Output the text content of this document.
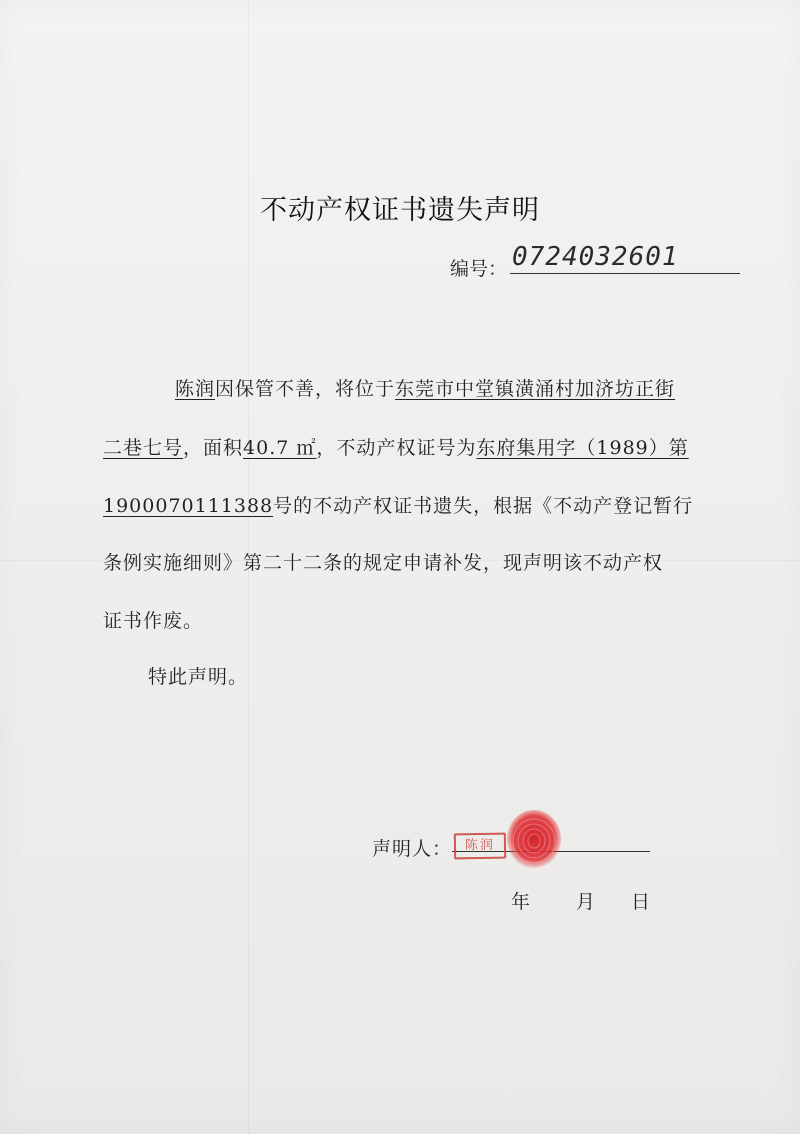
不动产权证书遗失声明
编号： 0724032601
陈润因保管不善，将位于东莞市中堂镇潢涌村加济坊正街
二巷七号，面积40.7 ㎡，不动产权证号为东府集用字（1989）第
1900070111388号的不动产权证书遗失，根据《不动产登记暂行
条例实施细则》第二十二条的规定申请补发，现声明该不动产权
证书作废。
特此声明。
声明人： 陈润
年 月 日
